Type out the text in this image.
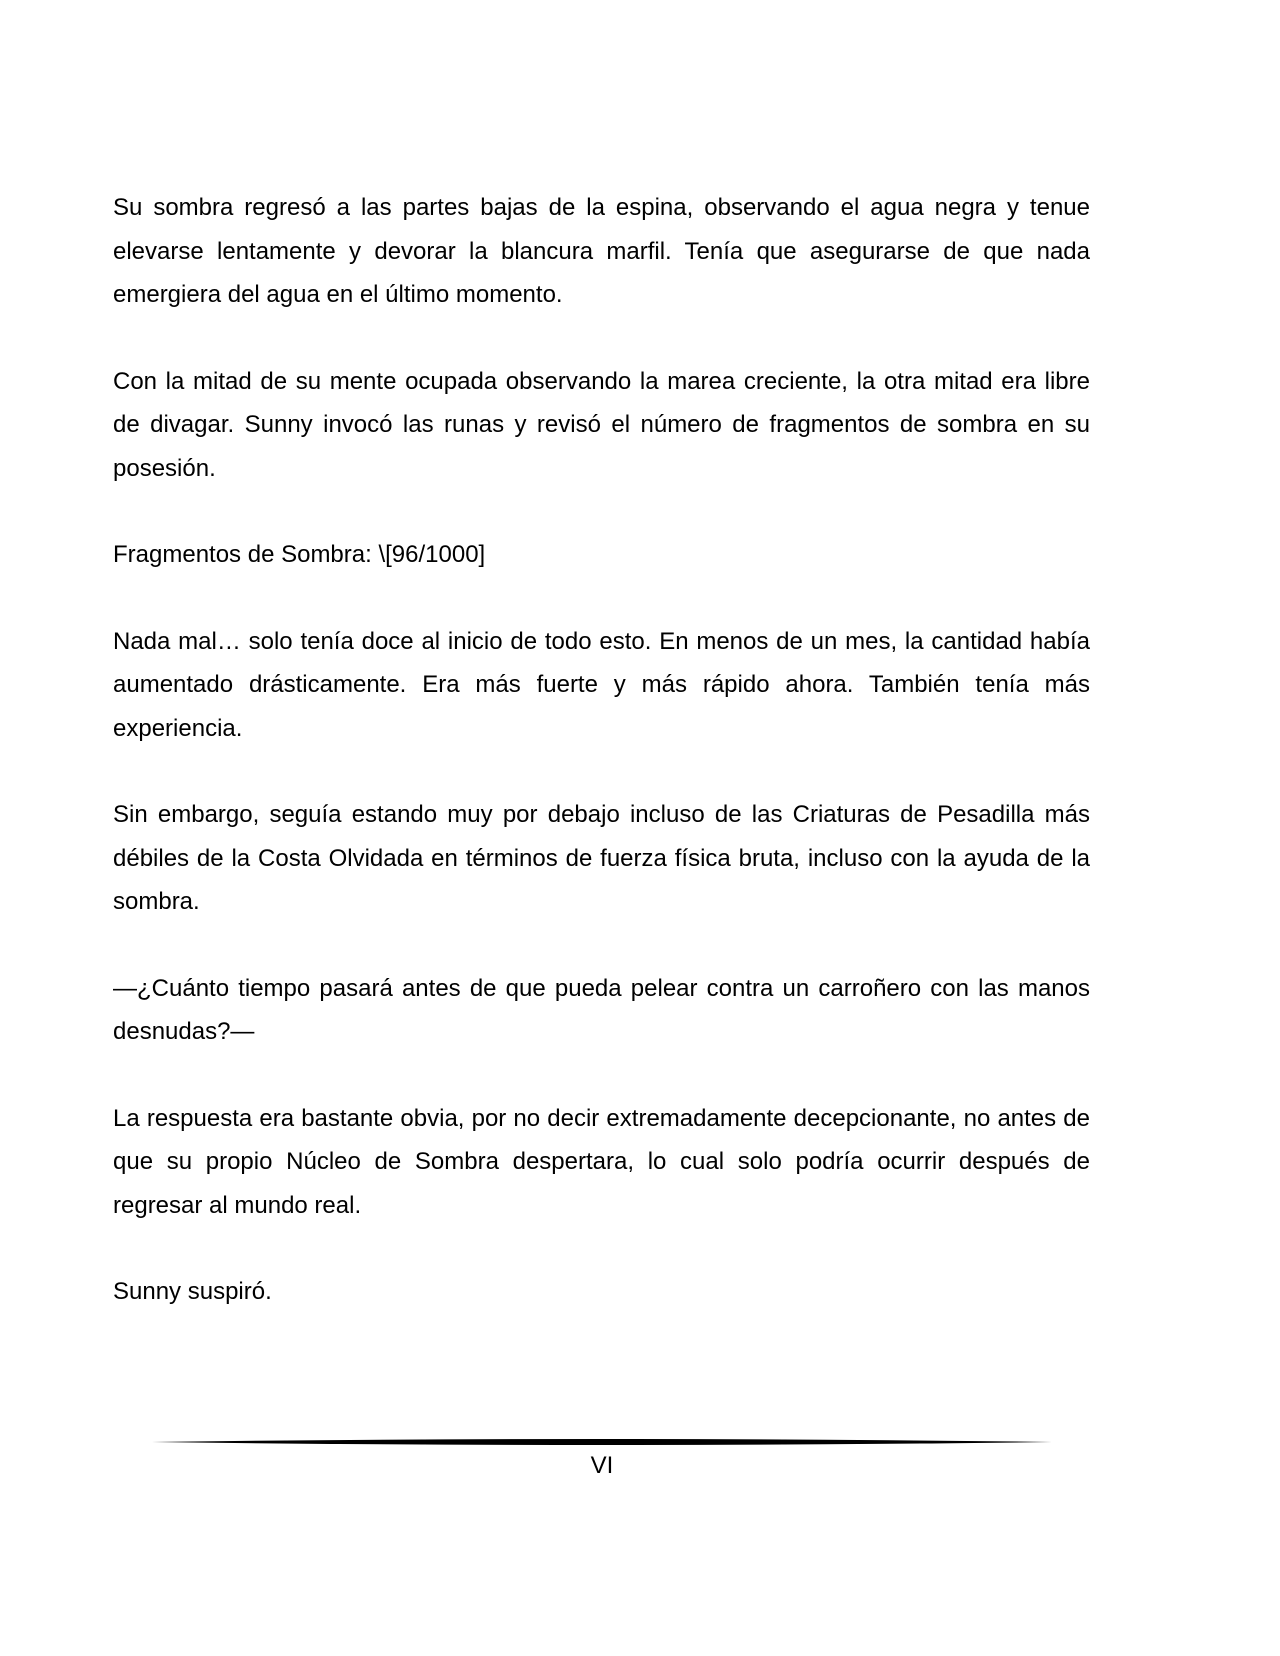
Su sombra regresó a las partes bajas de la espina, observando el agua negra y tenue elevarse lentamente y devorar la blancura marfil. Tenía que asegurarse de que nada emergiera del agua en el último momento.

Con la mitad de su mente ocupada observando la marea creciente, la otra mitad era libre de divagar. Sunny invocó las runas y revisó el número de fragmentos de sombra en su posesión.

Fragmentos de Sombra: \[96/1000]

Nada mal… solo tenía doce al inicio de todo esto. En menos de un mes, la cantidad había aumentado drásticamente. Era más fuerte y más rápido ahora. También tenía más experiencia.

Sin embargo, seguía estando muy por debajo incluso de las Criaturas de Pesadilla más débiles de la Costa Olvidada en términos de fuerza física bruta, incluso con la ayuda de la sombra.

—¿Cuánto tiempo pasará antes de que pueda pelear contra un carroñero con las manos desnudas?—

La respuesta era bastante obvia, por no decir extremadamente decepcionante, no antes de que su propio Núcleo de Sombra despertara, lo cual solo podría ocurrir después de regresar al mundo real.

Sunny suspiró.

VI
